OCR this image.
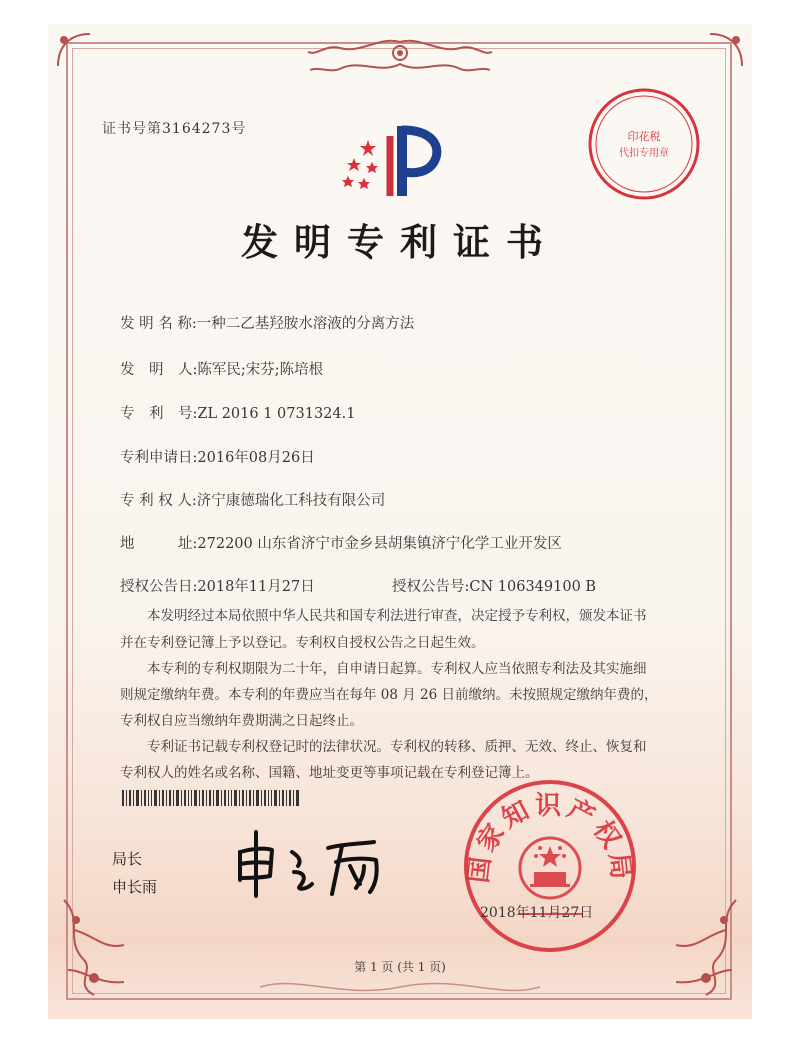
证书号第3164273号	印花税
代扣专用章
发明专利证书
发 明 名 称:一种二乙基羟胺水溶液的分离方法
发　明　人:陈军民;宋芬;陈培根
专　利　号:ZL 2016 1 0731324.1
专利申请日:2016年08月26日
专 利 权 人:济宁康德瑞化工科技有限公司
地　　　址:272200 山东省济宁市金乡县胡集镇济宁化学工业开发区
授权公告日:2018年11月27日	授权公告号:CN 106349100 B
　　本发明经过本局依照中华人民共和国专利法进行审查，决定授予专利权，颁发本证书
并在专利登记簿上予以登记。专利权自授权公告之日起生效。
　　本专利的专利权期限为二十年，自申请日起算。专利权人应当依照专利法及其实施细
则规定缴纳年费。本专利的年费应当在每年 08 月 26 日前缴纳。未按照规定缴纳年费的，
专利权自应当缴纳年费期满之日起终止。
　　专利证书记载专利权登记时的法律状况。专利权的转移、质押、无效、终止、恢复和
专利权人的姓名或名称、国籍、地址变更等事项记载在专利登记簿上。
局长
申长雨
国家知识产权局
2018年11月27日
第 1 页 (共 1 页)
